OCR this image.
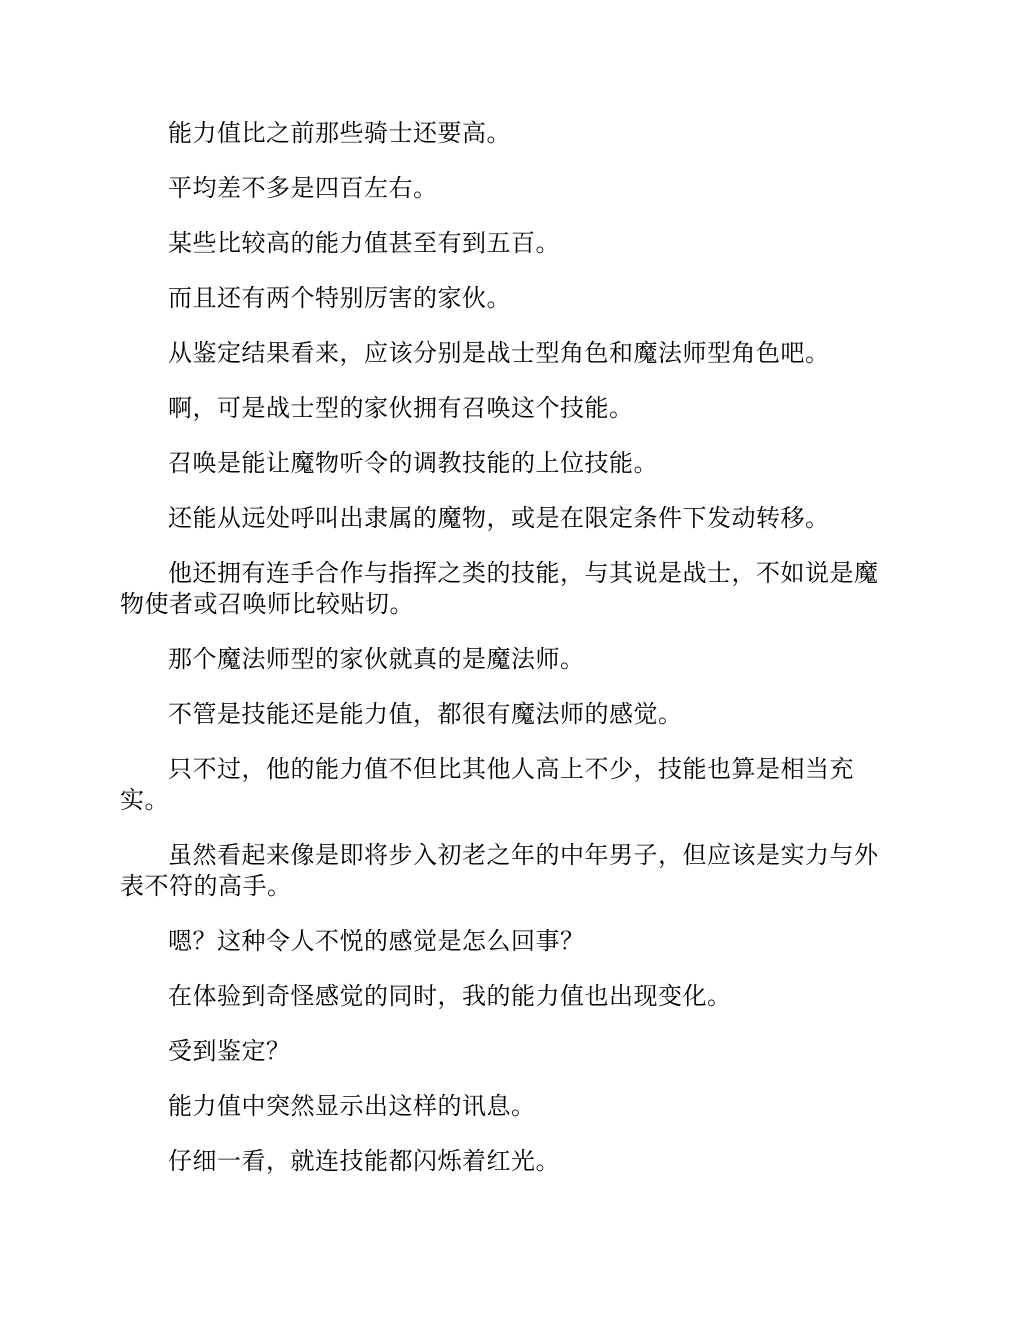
能力值比之前那些骑士还要高。

平均差不多是四百左右。

某些比较高的能力值甚至有到五百。

而且还有两个特别厉害的家伙。

从鉴定结果看来，应该分别是战士型角色和魔法师型角色吧。

啊，可是战士型的家伙拥有召唤这个技能。

召唤是能让魔物听令的调教技能的上位技能。

还能从远处呼叫出隶属的魔物，或是在限定条件下发动转移。

他还拥有连手合作与指挥之类的技能，与其说是战士，不如说是魔物使者或召唤师比较贴切。

那个魔法师型的家伙就真的是魔法师。

不管是技能还是能力值，都很有魔法师的感觉。

只不过，他的能力值不但比其他人高上不少，技能也算是相当充实。

虽然看起来像是即将步入初老之年的中年男子，但应该是实力与外表不符的高手。

嗯？这种令人不悦的感觉是怎么回事？

在体验到奇怪感觉的同时，我的能力值也出现变化。

受到鉴定？

能力值中突然显示出这样的讯息。

仔细一看，就连技能都闪烁着红光。
